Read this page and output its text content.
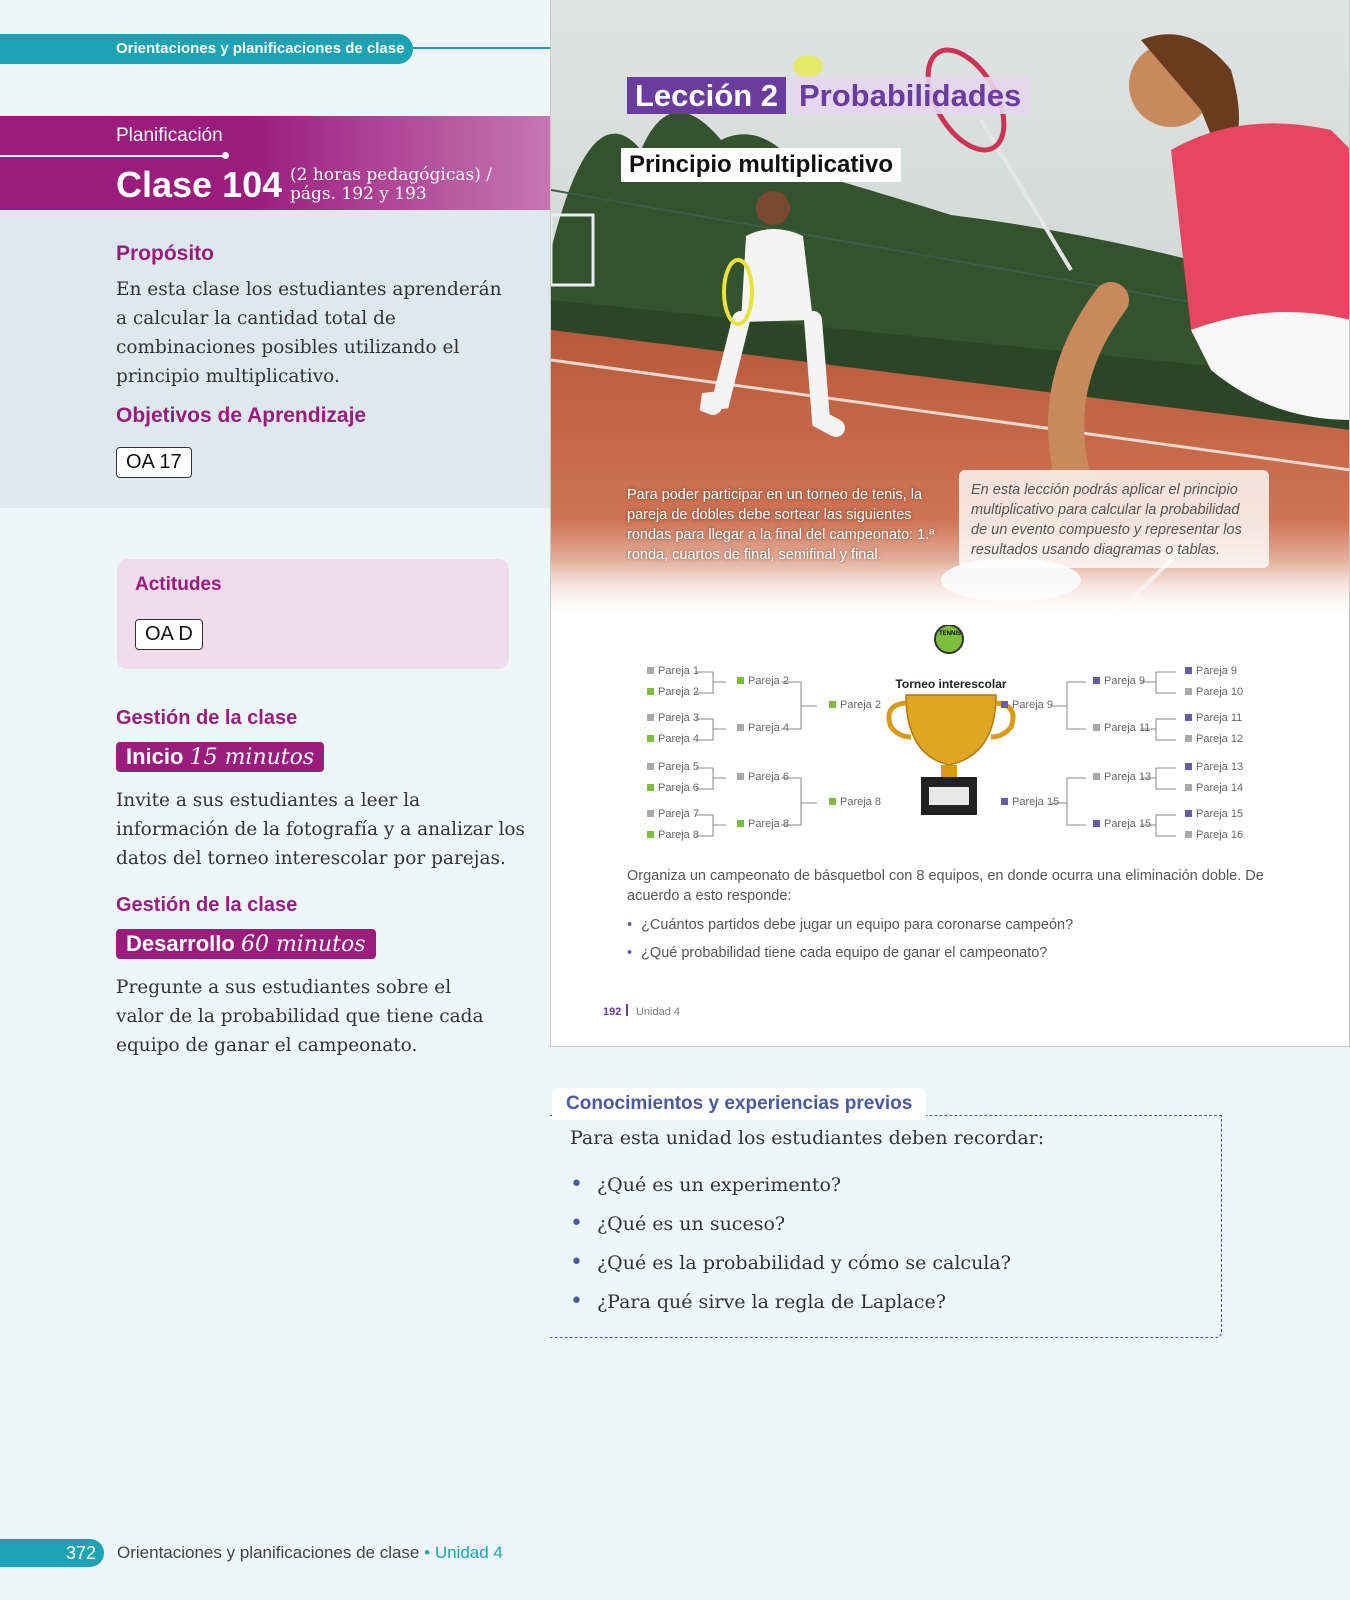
Orientaciones y planificaciones de clase
Planificación
Clase 104 (2 horas pedagógicas) /
págs. 192 y 193
Propósito
En esta clase los estudiantes aprenderán a calcular la cantidad total de combinaciones posibles utilizando el principio multiplicativo.
Objetivos de Aprendizaje
OA 17
Actitudes
OA D
Gestión de la clase
Inicio 15 minutos
Invite a sus estudiantes a leer la información de la fotografía y a analizar los datos del torneo interescolar por parejas.
Gestión de la clase
Desarrollo 60 minutos
Pregunte a sus estudiantes sobre el valor de la probabilidad que tiene cada equipo de ganar el campeonato.
Lección 2 Probabilidades
Principio multiplicativo
Para poder participar en un torneo de tenis, la pareja de dobles debe sortear las siguientes rondas para llegar a la final del campeonato: 1.ª ronda, cuartos de final, semifinal y final.
En esta lección podrás aplicar el principio multiplicativo para calcular la probabilidad de un evento compuesto y representar los resultados usando diagramas o tablas.
TENNIS
Torneo interescolar
Pareja 1
Pareja 2
Pareja 3
Pareja 4
Pareja 5
Pareja 6
Pareja 7
Pareja 8
Pareja 2
Pareja 4
Pareja 6
Pareja 8
Pareja 2
Pareja 8
Pareja 9
Pareja 15
Pareja 9
Pareja 11
Pareja 13
Pareja 15
Pareja 9
Pareja 10
Pareja 11
Pareja 12
Pareja 13
Pareja 14
Pareja 15
Pareja 16
Organiza un campeonato de básquetbol con 8 equipos, en donde ocurra una eliminación doble. De acuerdo a esto responde:
• ¿Cuántos partidos debe jugar un equipo para coronarse campeón?
• ¿Qué probabilidad tiene cada equipo de ganar el campeonato?
192 Unidad 4
Conocimientos y experiencias previos
Para esta unidad los estudiantes deben recordar:
• ¿Qué es un experimento?
• ¿Qué es un suceso?
• ¿Qué es la probabilidad y cómo se calcula?
• ¿Para qué sirve la regla de Laplace?
372	Orientaciones y planificaciones de clase • Unidad 4
